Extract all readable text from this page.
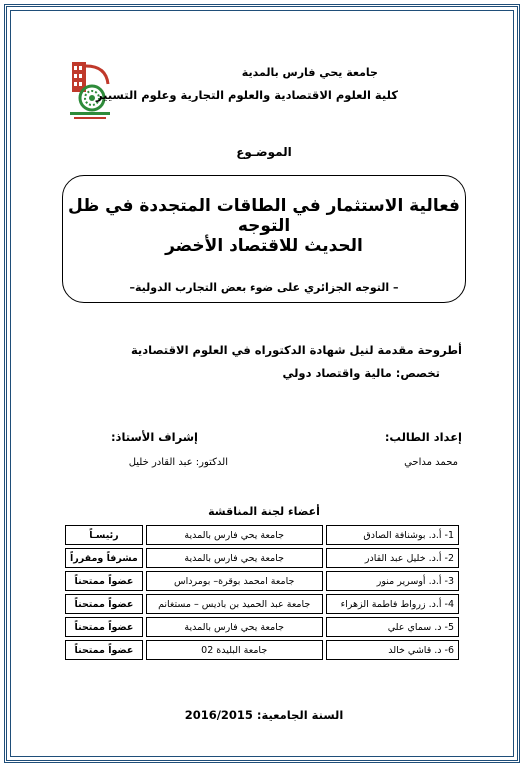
جامعة يحي فارس بالمدية
كلية العلوم الاقتصادية والعلوم التجارية وعلوم التسيير
الموضـوع
فعالية الاستثمار في الطاقات المتجددة في ظل التوجه
الحديث للاقتصاد الأخضر
– التوجه الجزائري على ضوء بعض التجارب الدولية–
أطروحة مقدمة لنيل شهادة الدكتوراه في العلوم الاقتصادية
تخصص: مالية واقتصاد دولي
إعداد الطالب:
إشراف الأستاذ:
محمد مداحي
الدكتور: عبد القادر خليل
أعضاء لجنة المناقشة
1- أ.د. بوشنافة الصادق	جامعة يحي فارس بالمدية	رئيسـاً
2- أ.د. خليل عبد القادر	جامعة يحي فارس بالمدية	مشرفاً ومقرراً
3- أ.د. أوسرير منور	جامعة امحمد بوقرة– بومرداس	عضواً ممتحناً
4- أ.د. زرواط فاطمة الزهراء	جامعة عبد الحميد بن باديس – مستغانم	عضواً ممتحناً
5- د. سماي علي	جامعة يحي فارس بالمدية	عضواً ممتحناً
6- د. قاشي خالد	جامعة البليدة 02	عضواً ممتحناً
السنة الجامعية: 2016/2015
